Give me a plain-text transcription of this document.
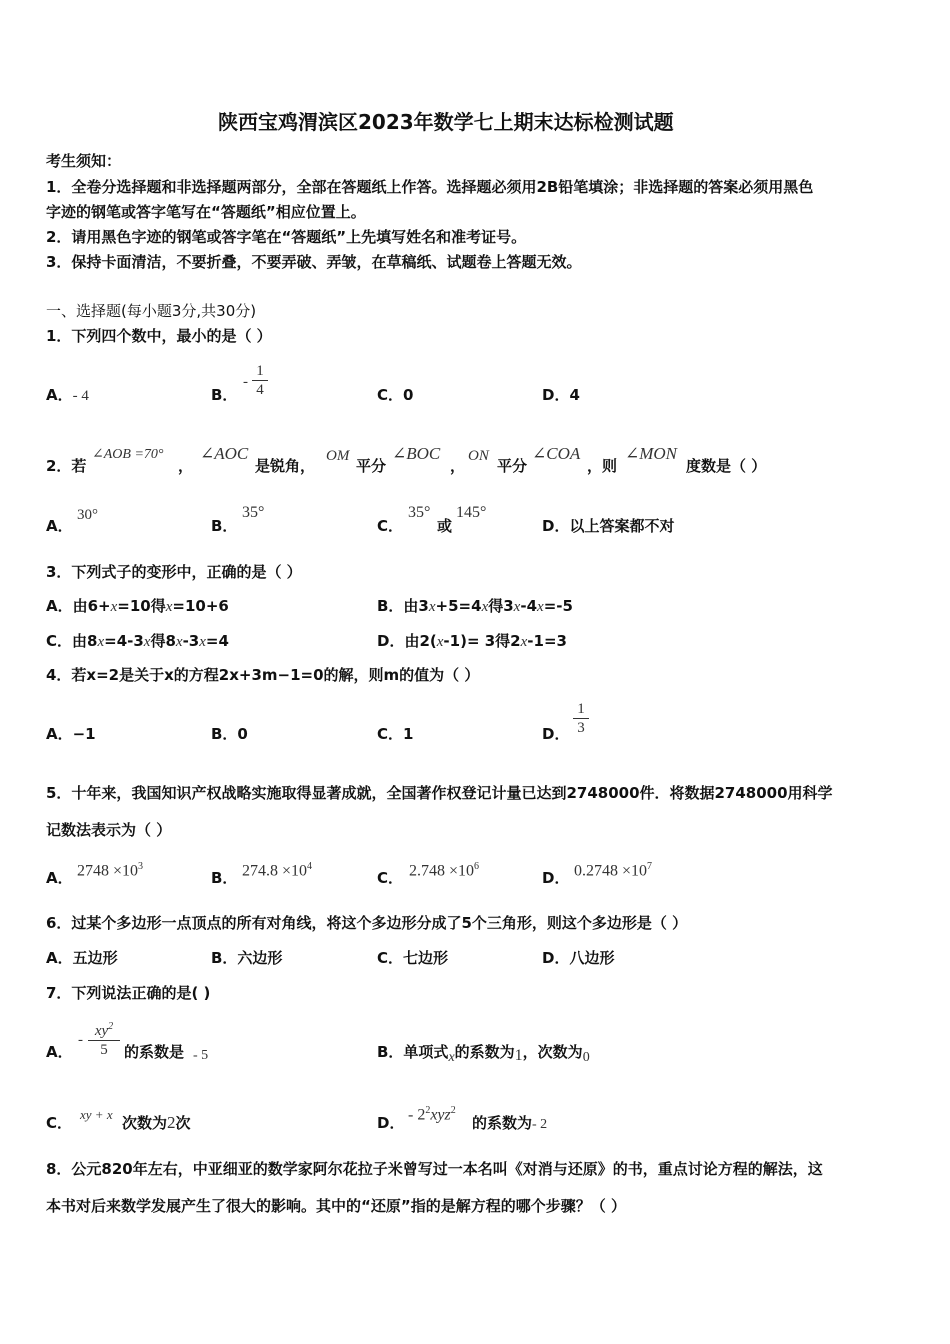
陕西宝鸡渭滨区2023年数学七上期末达标检测试题
考生须知：
1．全卷分选择题和非选择题两部分，全部在答题纸上作答。选择题必须用2B铅笔填涂；非选择题的答案必须用黑色
字迹的钢笔或答字笔写在“答题纸”相应位置上。
2．请用黑色字迹的钢笔或答字笔在“答题纸”上先填写姓名和准考证号。
3．保持卡面清洁，不要折叠，不要弄破、弄皱，在草稿纸、试题卷上答题无效。
一、选择题(每小题3分,共30分)
1．下列四个数中，最小的是（ ）
A．- 4	B．
-
1
4	C．0	D．4
2．若
∠AOB =70°
，
∠AOC
是锐角，
OM
平分
∠BOC
，
ON
平分
∠COA
，则
∠MON
度数是（ ）
A．
30°
B．
35°
C．
35°
或
145°
D．以上答案都不对
3．下列式子的变形中，正确的是（ ）
A．由6+x=10得x=10+6	B．由3x+5=4x得3x-4x=-5
C．由8x=4-3x得8x-3x=4	D．由2(x-1)= 3得2x-1=3
4．若x=2是关于x的方程2x+3m−1=0的解，则m的值为（ ）
A．−1	B．0	C．1	D．
1
3
5．十年来，我国知识产权战略实施取得显著成就，全国著作权登记计量已达到2748000件．将数据2748000用科学
记数法表示为（ ）
A． $2748 \times 10^3$
B． $274.8 \times 10^4$
C． $2.748 \times 10^6$
D． $0.2748 \times 10^7$
6．过某个多边形一点顶点的所有对角线，将这个多边形分成了5个三角形，则这个多边形是（ ）
A．五边形	B．六边形	C．七边形	D．八边形
7．下列说法正确的是( )
A．
-
$xy^2$
5	的系数是 - 5	B．单项式x的系数为1，次数为0
C． xy + x 次数为2次	D． - $2^2xyz^2$
的系数为- 2
8．公元820年左右，中亚细亚的数学家阿尔花拉子米曾写过一本名叫《对消与还原》的书，重点讨论方程的解法，这
本书对后来数学发展产生了很大的影响。其中的“还原”指的是解方程的哪个步骤？（ ）
